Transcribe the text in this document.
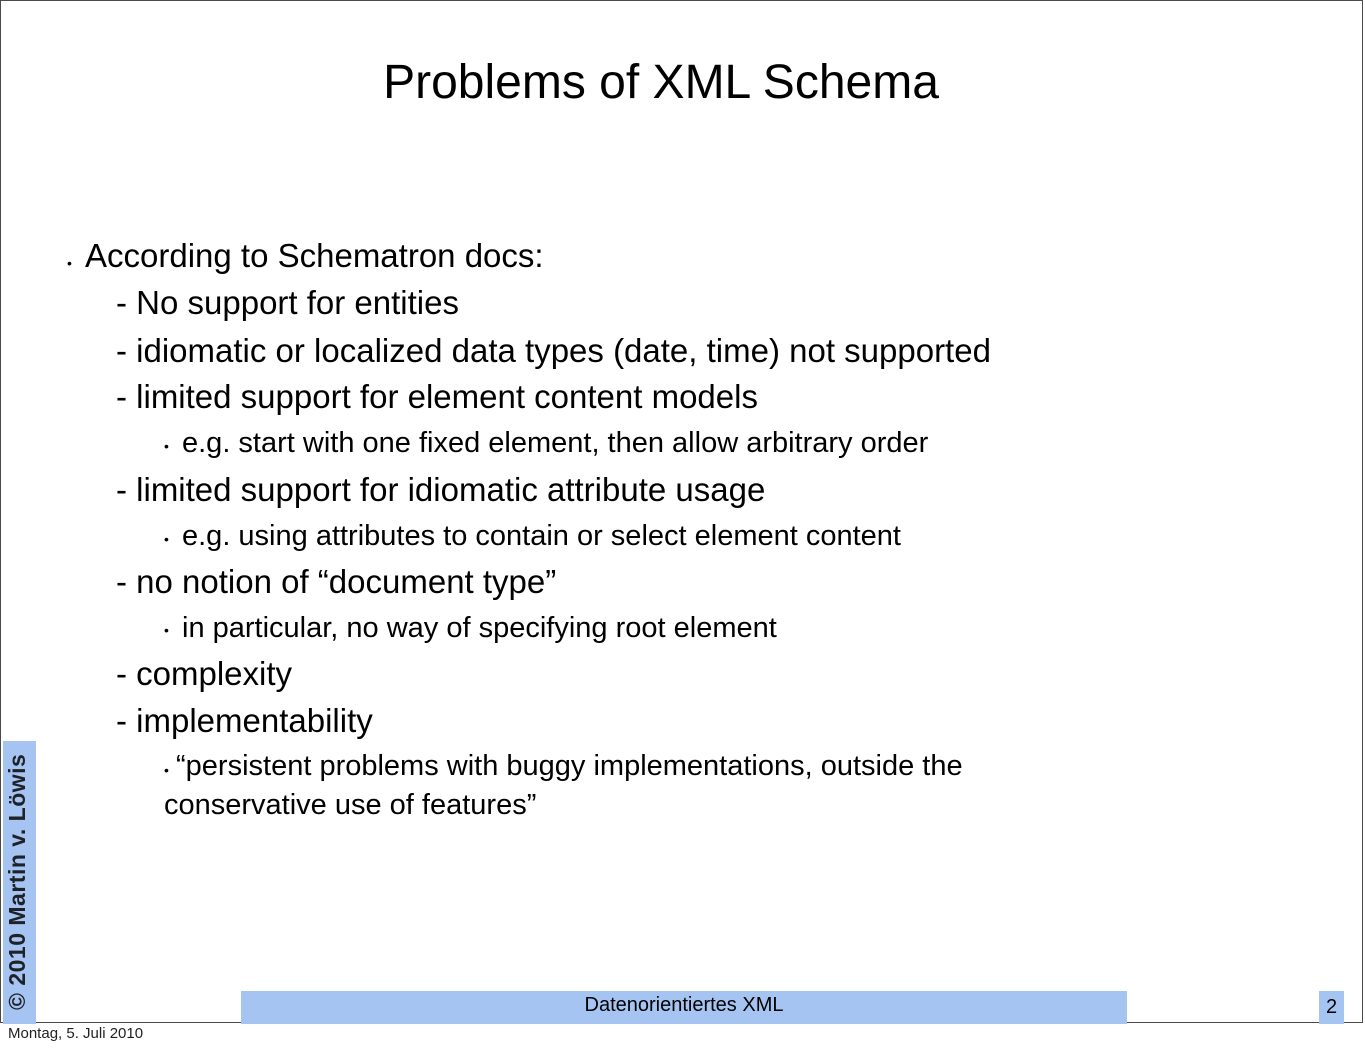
Problems of XML Schema
• According to Schematron docs:
- No support for entities
- idiomatic or localized data types (date, time) not supported
- limited support for element content models
• e.g. start with one fixed element, then allow arbitrary order
- limited support for idiomatic attribute usage
• e.g. using attributes to contain or select element content
- no notion of “document type”
• in particular, no way of specifying root element
- complexity
- implementability
• “persistent problems with buggy implementations, outside the
conservative use of features”
© 2010 Martin v. Löwis	Datenorientiertes XML	2
Montag, 5. Juli 2010
